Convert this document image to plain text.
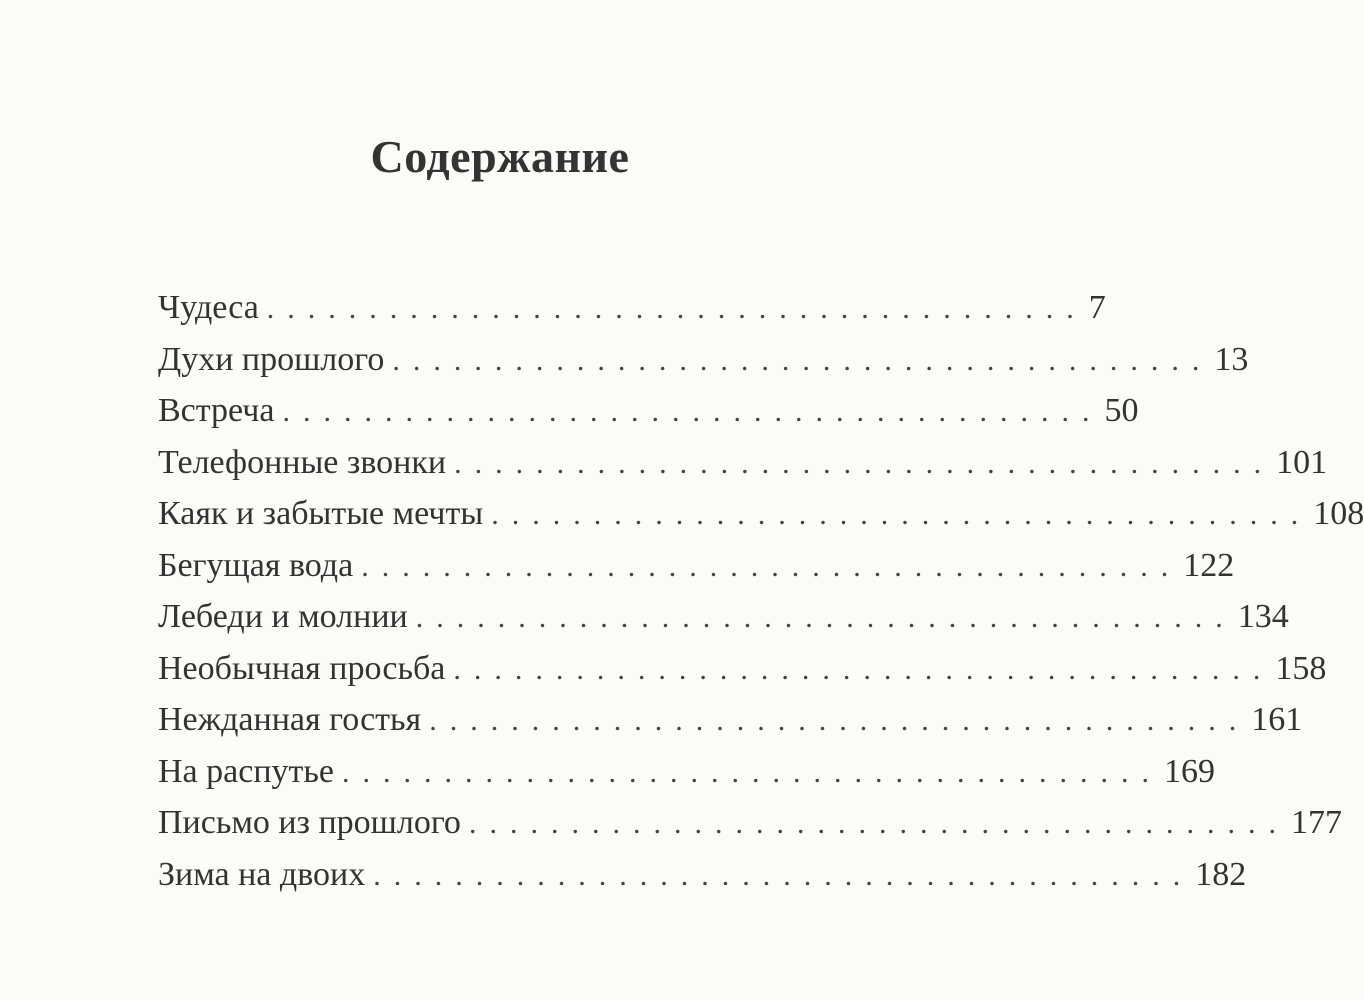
Содержание
Чудеса ........................................ 7
Духи прошлого ........................................ 13
Встреча ........................................ 50
Телефонные звонки ........................................ 101
Каяк и забытые мечты ........................................ 108
Бегущая вода ........................................ 122
Лебеди и молнии ........................................ 134
Необычная просьба ........................................ 158
Нежданная гостья ........................................ 161
На распутье ........................................ 169
Письмо из прошлого ........................................ 177
Зима на двоих ........................................ 182
